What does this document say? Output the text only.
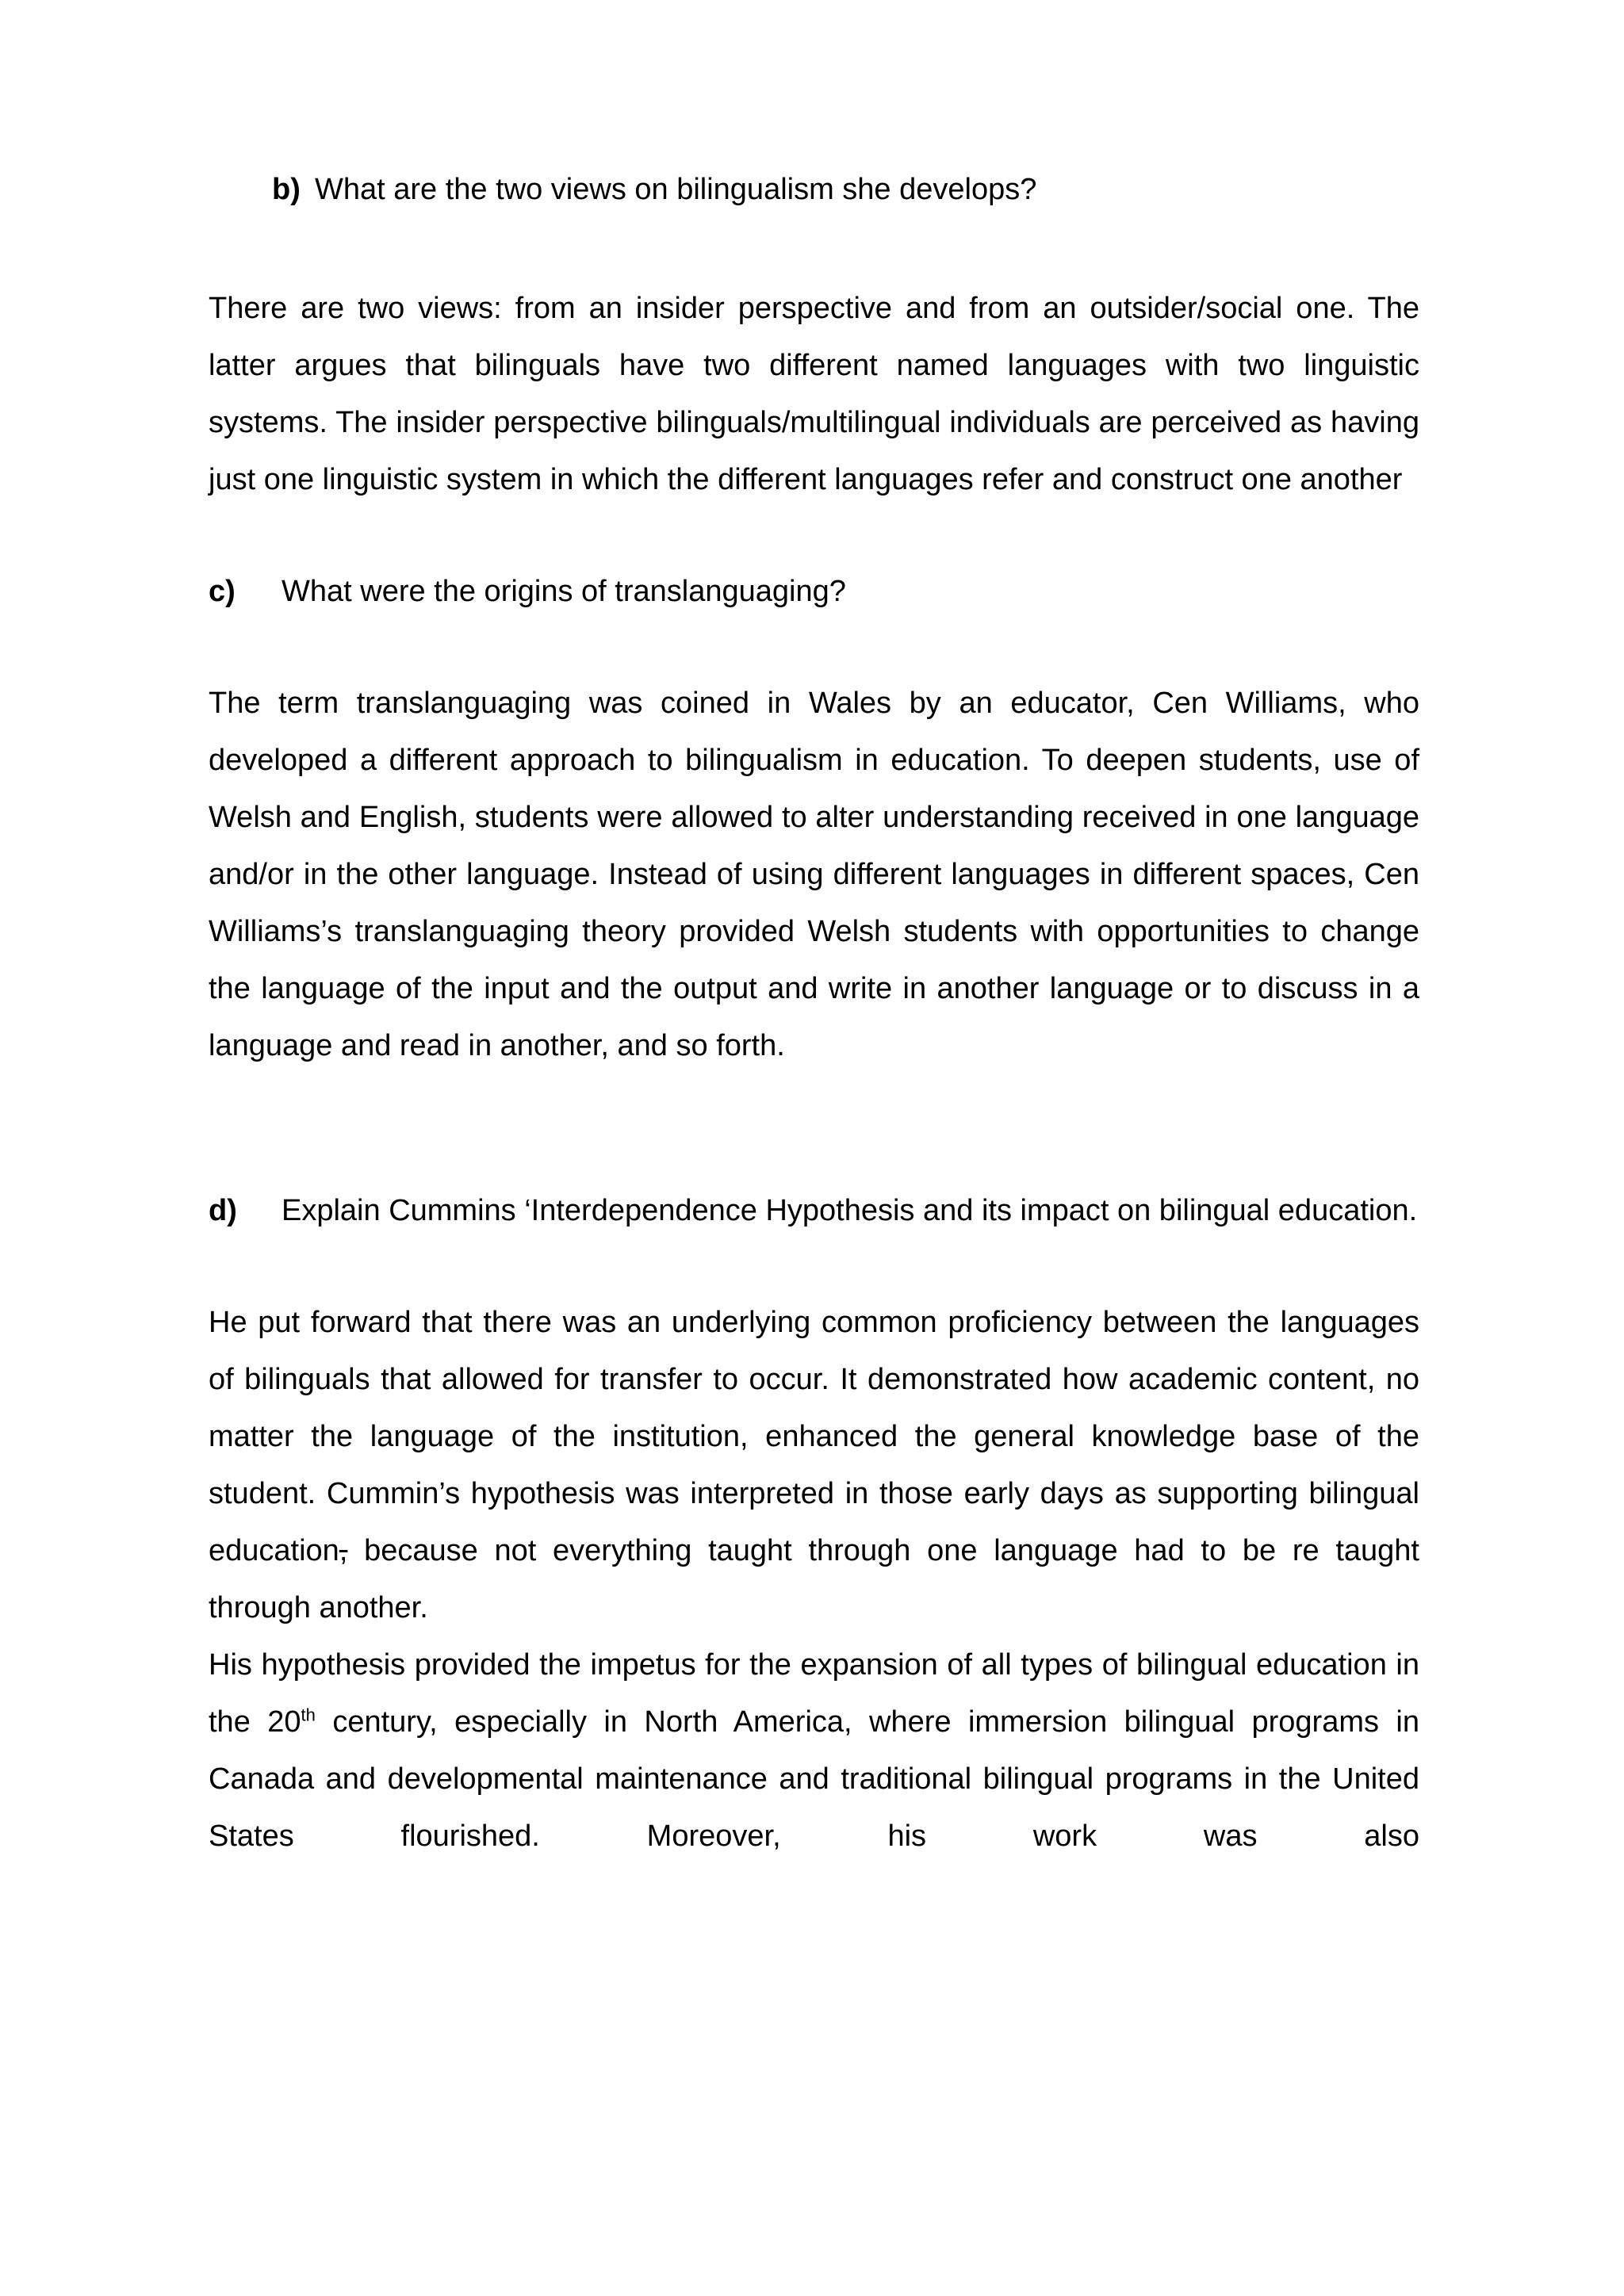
b) What are the two views on bilingualism she develops?

There are two views: from an insider perspective and from an outsider/social one. The latter argues that bilinguals have two different named languages with two linguistic systems. The insider perspective bilinguals/multilingual individuals are perceived as having just one linguistic system in which the different languages refer and construct one another

c) What were the origins of translanguaging?

The term translanguaging was coined in Wales by an educator, Cen Williams, who developed a different approach to bilingualism in education. To deepen students, use of Welsh and English, students were allowed to alter understanding received in one language and/or in the other language. Instead of using different languages in different spaces, Cen Williams’s translanguaging theory provided Welsh students with opportunities to change the language of the input and the output and write in another language or to discuss in a language and read in another, and so forth.

d) Explain Cummins ‘Interdependence Hypothesis and its impact on bilingual education.

He put forward that there was an underlying common proficiency between the languages of bilinguals that allowed for transfer to occur. It demonstrated how academic content, no matter the language of the institution, enhanced the general knowledge base of the student. Cummin’s hypothesis was interpreted in those early days as supporting bilingual education, because not everything taught through one language had to be re taught through another.

His hypothesis provided the impetus for the expansion of all types of bilingual education in the 20th century, especially in North America, where immersion bilingual programs in Canada and developmental maintenance and traditional bilingual programs in the United States flourished. Moreover, his work was also
